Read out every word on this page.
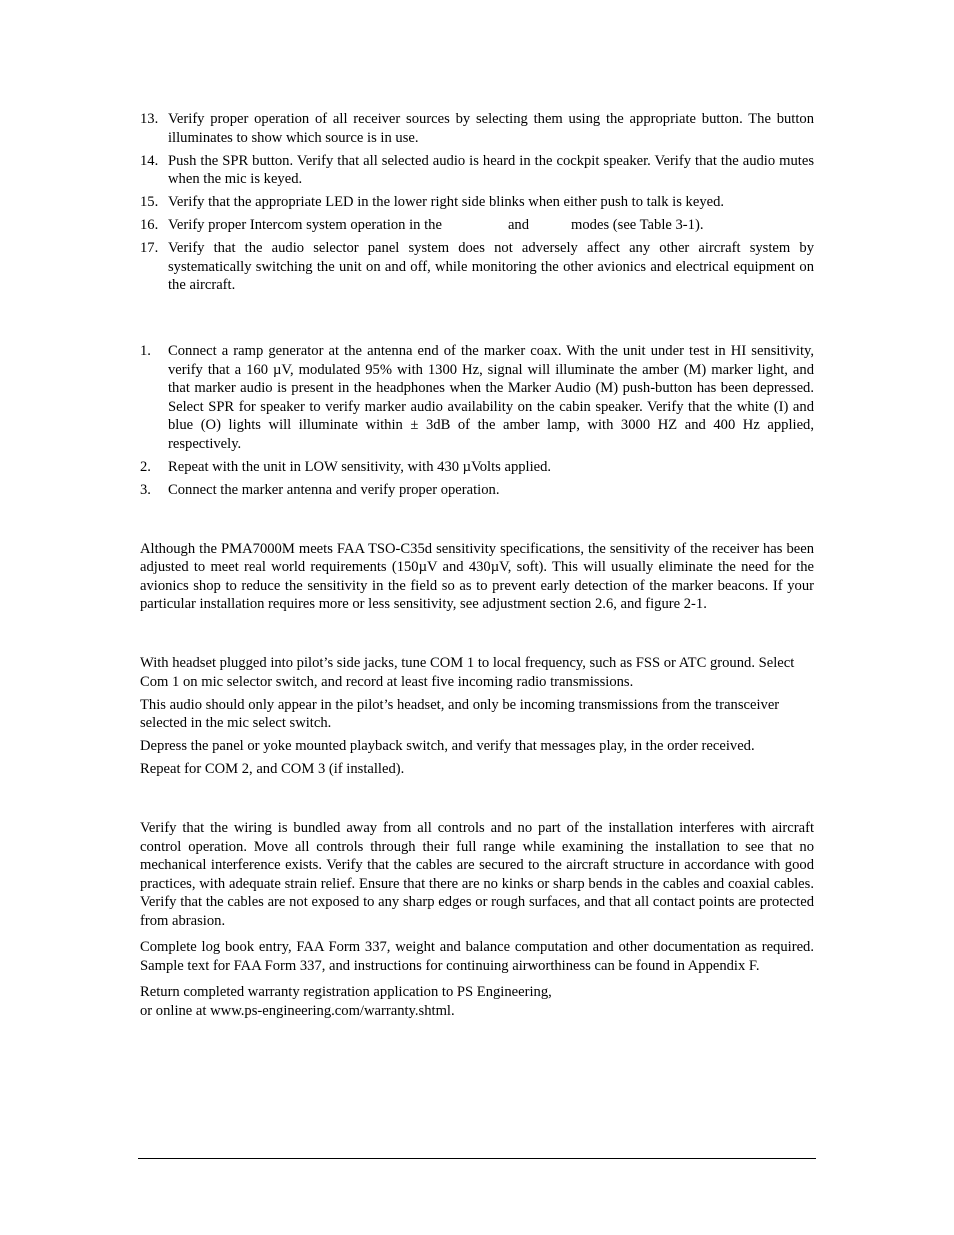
13. Verify proper operation of all receiver sources by selecting them using the appropriate button. The button illuminates to show which source is in use.
14. Push the SPR button. Verify that all selected audio is heard in the cockpit speaker. Verify that the audio mutes when the mic is keyed.
15. Verify that the appropriate LED in the lower right side blinks when either push to talk is keyed.
16. Verify proper Intercom system operation in the	and	modes (see Table 3-1).
17. Verify that the audio selector panel system does not adversely affect any other aircraft system by systematically switching the unit on and off, while monitoring the other avionics and electrical equipment on the aircraft.
1. Connect a ramp generator at the antenna end of the marker coax. With the unit under test in HI sensitivity, verify that a 160 µV, modulated 95% with 1300 Hz, signal will illuminate the amber (M) marker light, and that marker audio is present in the headphones when the Marker Audio (M) push-button has been depressed. Select SPR for speaker to verify marker audio availability on the cabin speaker. Verify that the white (I) and blue (O) lights will illuminate within ± 3dB of the amber lamp, with 3000 HZ and 400 Hz applied, respectively.
2. Repeat with the unit in LOW sensitivity, with 430 µVolts applied.
3. Connect the marker antenna and verify proper operation.

Although the PMA7000M meets FAA TSO-C35d sensitivity specifications, the sensitivity of the receiver has been adjusted to meet real world requirements (150µV and 430µV, soft). This will usually eliminate the need for the avionics shop to reduce the sensitivity in the field so as to prevent early detection of the marker beacons. If your particular installation requires more or less sensitivity, see adjustment section 2.6, and figure 2-1.

With headset plugged into pilot’s side jacks, tune COM 1 to local frequency, such as FSS or ATC ground. Select Com 1 on mic selector switch, and record at least five incoming radio transmissions.

This audio should only appear in the pilot’s headset, and only be incoming transmissions from the transceiver selected in the mic select switch.

Depress the panel or yoke mounted playback switch, and verify that messages play, in the order received.

Repeat for COM 2, and COM 3 (if installed).

Verify that the wiring is bundled away from all controls and no part of the installation interferes with aircraft control operation. Move all controls through their full range while examining the installation to see that no mechanical interference exists. Verify that the cables are secured to the aircraft structure in accordance with good practices, with adequate strain relief. Ensure that there are no kinks or sharp bends in the cables and coaxial cables. Verify that the cables are not exposed to any sharp edges or rough surfaces, and that all contact points are protected from abrasion.

Complete log book entry, FAA Form 337, weight and balance computation and other documentation as required. Sample text for FAA Form 337, and instructions for continuing airworthiness can be found in Appendix F.

Return completed warranty registration application to PS Engineering,
or online at www.ps-engineering.com/warranty.shtml.
